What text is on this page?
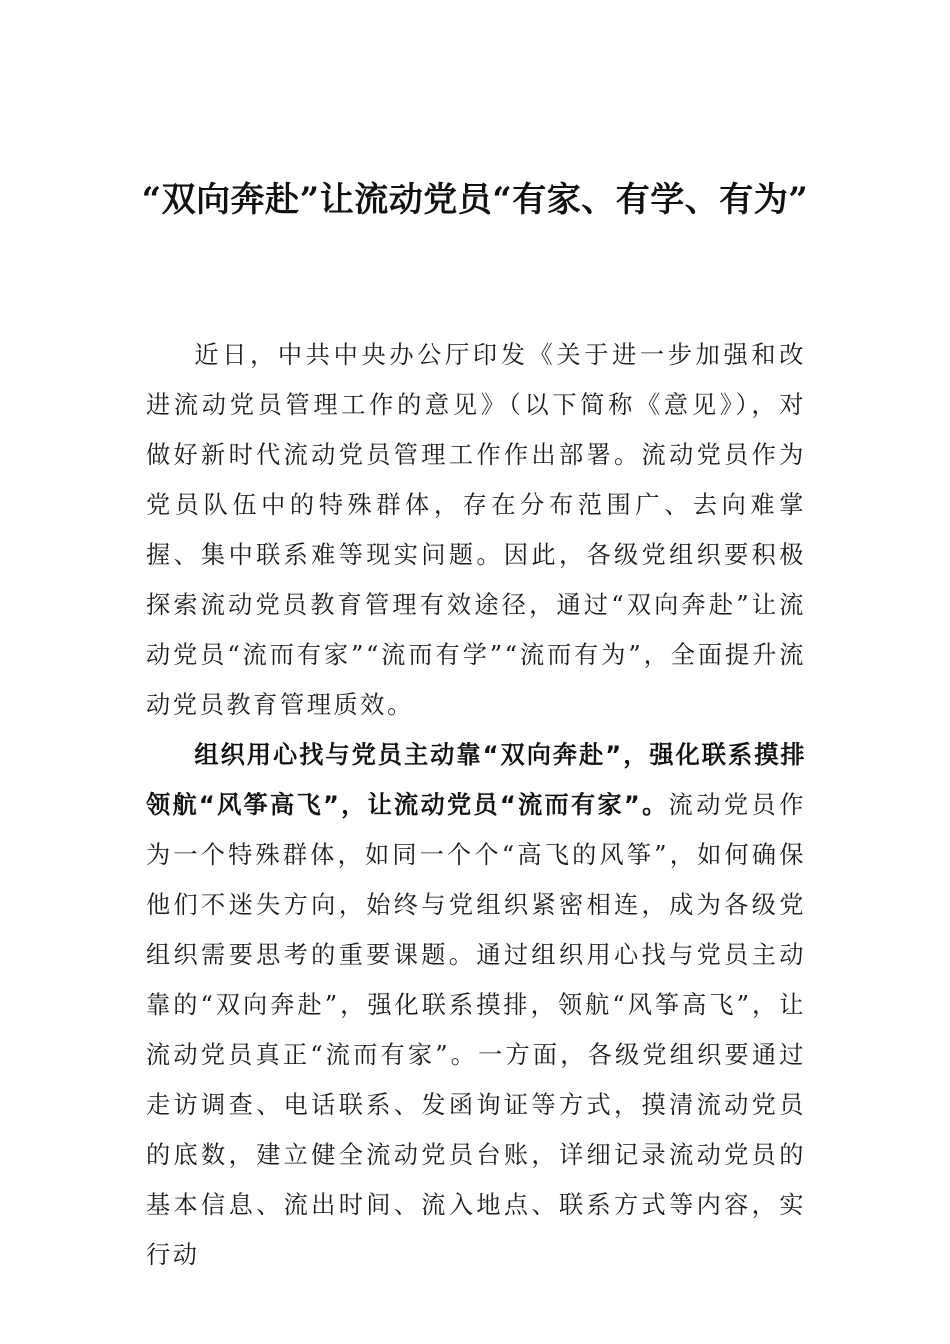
“双向奔赴”让流动党员“有家、有学、有为”

近日，中共中央办公厅印发《关于进一步加强和改进流动党员管理工作的意见》（以下简称《意见》），对做好新时代流动党员管理工作作出部署。流动党员作为党员队伍中的特殊群体，存在分布范围广、去向难掌握、集中联系难等现实问题。因此，各级党组织要积极探索流动党员教育管理有效途径，通过“双向奔赴”让流动党员“流而有家”“流而有学”“流而有为”，全面提升流动党员教育管理质效。

组织用心找与党员主动靠“双向奔赴”，强化联系摸排领航“风筝高飞”，让流动党员“流而有家”。流动党员作为一个特殊群体，如同一个个“高飞的风筝”，如何确保他们不迷失方向，始终与党组织紧密相连，成为各级党组织需要思考的重要课题。通过组织用心找与党员主动靠的“双向奔赴”，强化联系摸排，领航“风筝高飞”，让流动党员真正“流而有家”。一方面，各级党组织要通过走访调查、电话联系、发函询证等方式，摸清流动党员的底数，建立健全流动党员台账，详细记录流动党员的基本信息、流出时间、流入地点、联系方式等内容，实行动
